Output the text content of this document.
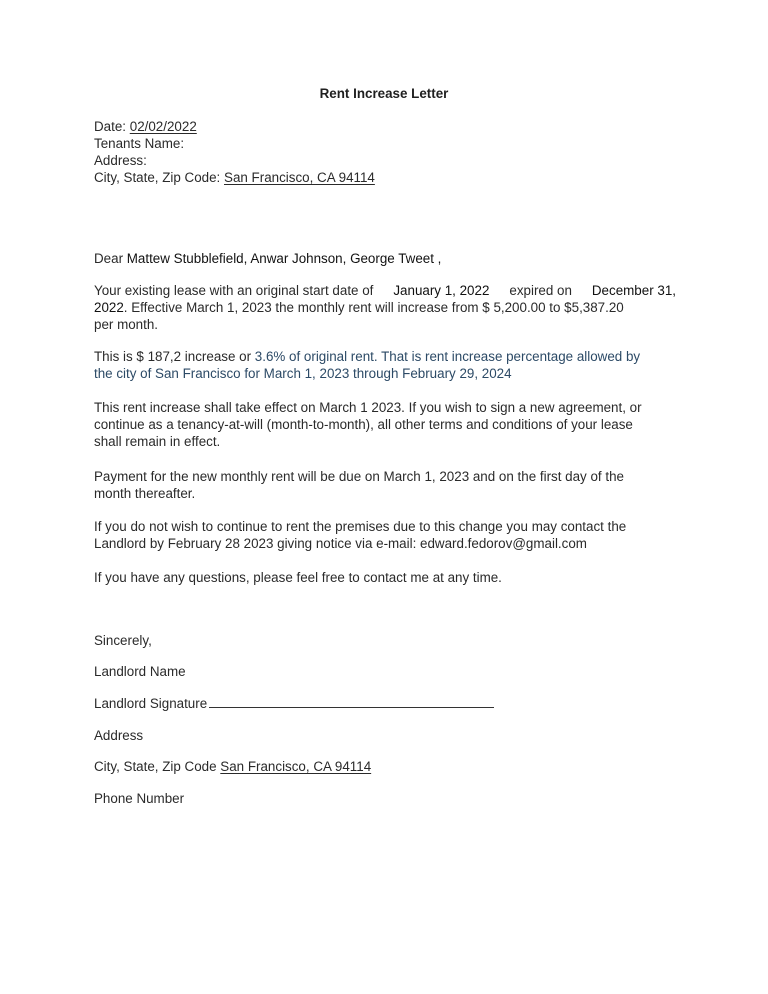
Rent Increase Letter
Date: 02/02/2022
Tenants Name:
Address:
City, State, Zip Code: San Francisco, CA 94114
Dear Mattew Stubblefield, Anwar Johnson, George Tweet ,
Your existing lease with an original start date of January 1, 2022 expired on December 31,
2022. Effective March 1, 2023 the monthly rent will increase from $ 5,200.00 to $5,387.20
per month.
This is $ 187,2 increase or 3.6% of original rent. That is rent increase percentage allowed by
the city of San Francisco for March 1, 2023 through February 29, 2024
This rent increase shall take effect on March 1 2023. If you wish to sign a new agreement, or
continue as a tenancy-at-will (month-to-month), all other terms and conditions of your lease
shall remain in effect.
Payment for the new monthly rent will be due on March 1, 2023 and on the first day of the
month thereafter.
If you do not wish to continue to rent the premises due to this change you may contact the
Landlord by February 28 2023 giving notice via e-mail: edward.fedorov@gmail.com
If you have any questions, please feel free to contact me at any time.
Sincerely,
Landlord Name
Landlord Signature
Address
City, State, Zip Code San Francisco, CA 94114
Phone Number
